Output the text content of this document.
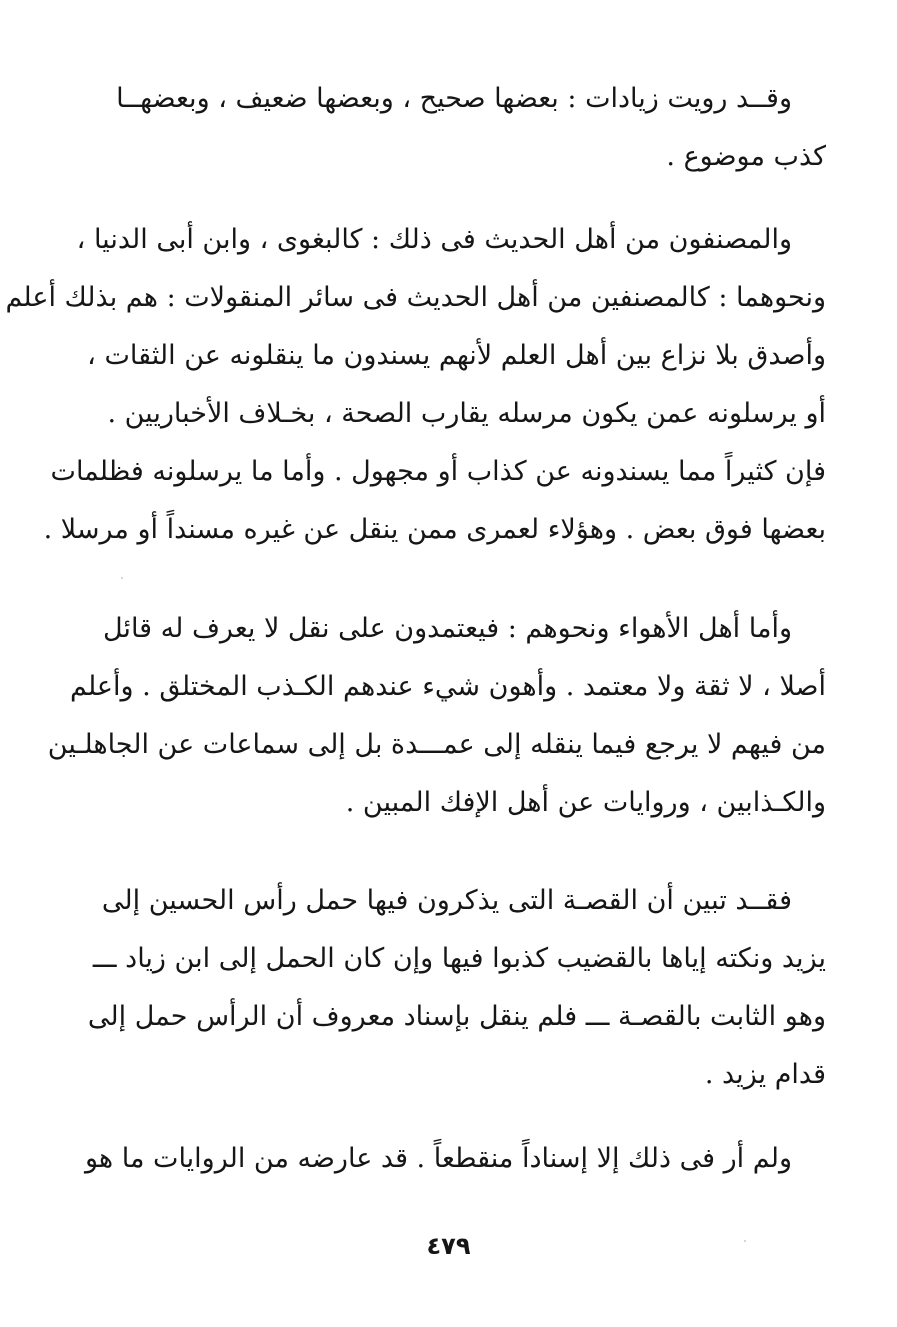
وقــد رويت زيادات : بعضها صحيح ، وبعضها ضعيف ، وبعضهــا
كذب موضوع .
والمصنفون من أهل الحديث فى ذلك : كالبغوى ، وابن أبى الدنيا ،
ونحوهما : كالمصنفين من أهل الحديث فى سائر المنقولات : هم بذلك أعلم
وأصدق بلا نزاع بين أهل العلم لأنهم يسندون ما ينقلونه عن الثقات ،
أو يرسلونه عمن يكون مرسله يقارب الصحة ، بخـلاف الأخباريين .
فإن كثيراً مما يسندونه عن كذاب أو مجهول . وأما ما يرسلونه فظلمات
بعضها فوق بعض . وهؤلاء لعمرى ممن ينقل عن غيره مسنداً أو مرسلا .
وأما أهل الأهواء ونحوهم : فيعتمدون على نقل لا يعرف له قائل
أصلا ، لا ثقة ولا معتمد . وأهون شيء عندهم الكـذب المختلق . وأعلم
من فيهم لا يرجع فيما ينقله إلى عمـــدة بل إلى سماعات عن الجاهلـين
والكـذابين ، وروايات عن أهل الإفك المبين .
فقــد تبين أن القصـة التى يذكرون فيها حمل رأس الحسين إلى
يزيد ونكته إياها بالقضيب كذبوا فيها وإن كان الحمل إلى ابن زياد ـــ
وهو الثابت بالقصـة ـــ فلم ينقل بإسناد معروف أن الرأس حمل إلى
قدام يزيد .
ولم أر فى ذلك إلا إسناداً منقطعاً . قد عارضه من الروايات ما هو
٤٧٩
